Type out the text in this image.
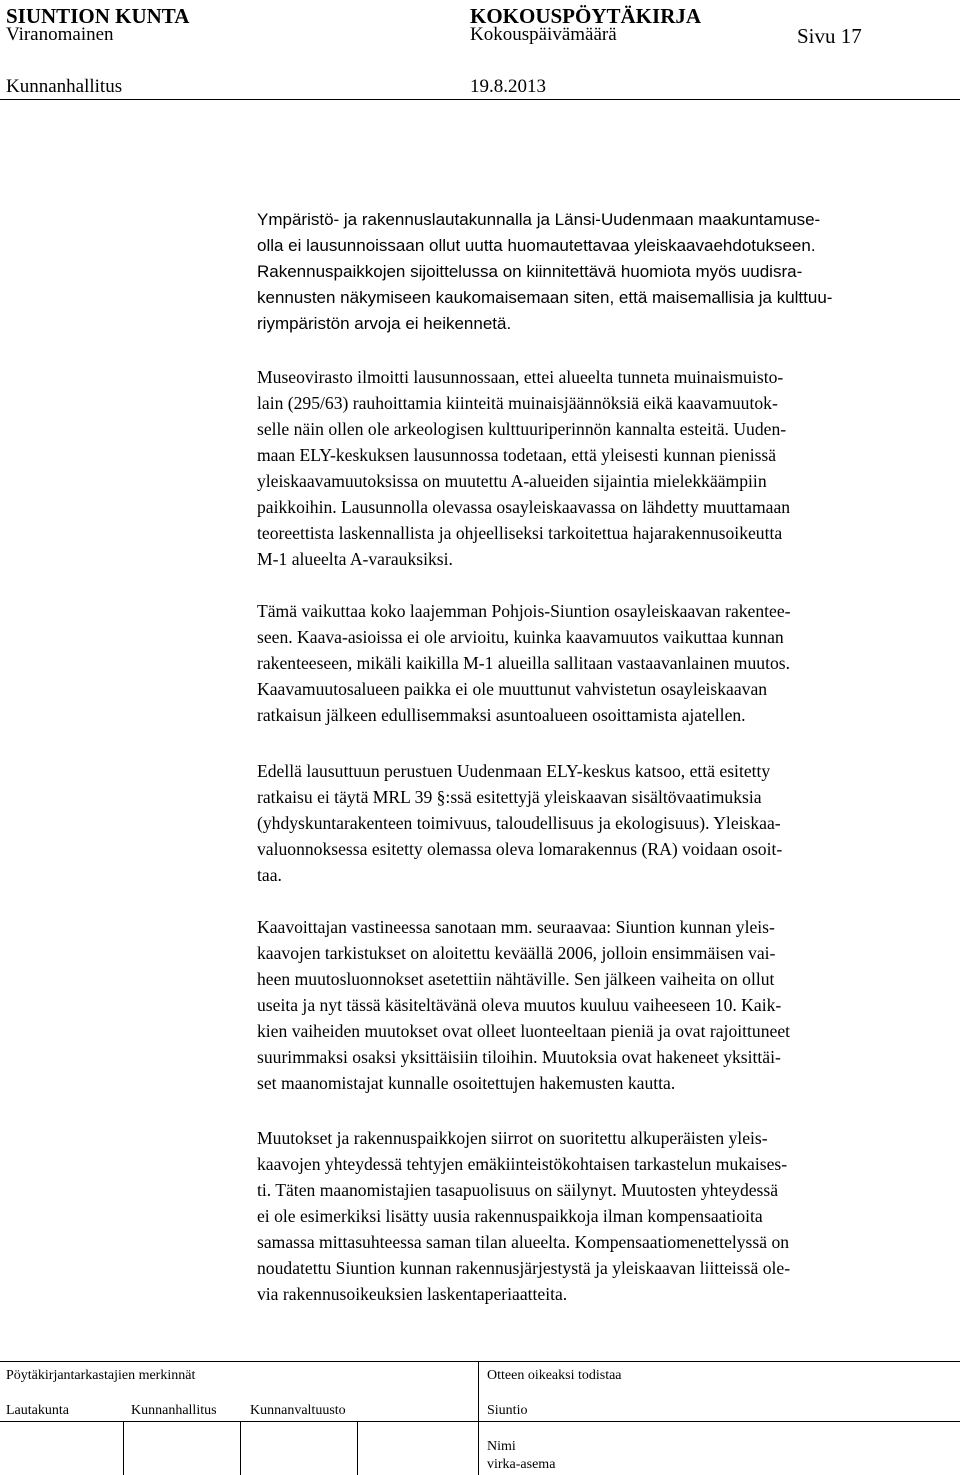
SIUNTION KUNTA	KOKOUSPÖYTÄKIRJA
Viranomainen	Kokouspäivämäärä	Sivu 17
Kunnanhallitus	19.8.2013
Ympäristö- ja rakennuslautakunnalla ja Länsi-Uudenmaan maakuntamuse-
olla ei lausunnoissaan ollut uutta huomautettavaa yleiskaavaehdotukseen.
Rakennuspaikkojen sijoittelussa on kiinnitettävä huomiota myös uudisra-
kennusten näkymiseen kaukomaisemaan siten, että maisemallisia ja kulttuu-
riympäristön arvoja ei heikennetä.
Museovirasto ilmoitti lausunnossaan, ettei alueelta tunneta muinaismuisto-
lain (295/63) rauhoittamia kiinteitä muinaisjäännöksiä eikä kaavamuutok-
selle näin ollen ole arkeologisen kulttuuriperinnön kannalta esteitä. Uuden-
maan ELY-keskuksen lausunnossa todetaan, että yleisesti kunnan pienissä
yleiskaavamuutoksissa on muutettu A-alueiden sijaintia mielekkäämpiin
paikkoihin. Lausunnolla olevassa osayleiskaavassa on lähdetty muuttamaan
teoreettista laskennallista ja ohjeelliseksi tarkoitettua hajarakennusoikeutta
M-1 alueelta A-varauksiksi.
Tämä vaikuttaa koko laajemman Pohjois-Siuntion osayleiskaavan rakentee-
seen. Kaava-asioissa ei ole arvioitu, kuinka kaavamuutos vaikuttaa kunnan
rakenteeseen, mikäli kaikilla M-1 alueilla sallitaan vastaavanlainen muutos.
Kaavamuutosalueen paikka ei ole muuttunut vahvistetun osayleiskaavan
ratkaisun jälkeen edullisemmaksi asuntoalueen osoittamista ajatellen.
Edellä lausuttuun perustuen Uudenmaan ELY-keskus katsoo, että esitetty
ratkaisu ei täytä MRL 39 §:ssä esitettyjä yleiskaavan sisältövaatimuksia
(yhdyskuntarakenteen toimivuus, taloudellisuus ja ekologisuus). Yleiskaa-
valuonnoksessa esitetty olemassa oleva lomarakennus (RA) voidaan osoit-
taa.
Kaavoittajan vastineessa sanotaan mm. seuraavaa: Siuntion kunnan yleis-
kaavojen tarkistukset on aloitettu keväällä 2006, jolloin ensimmäisen vai-
heen muutosluonnokset asetettiin nähtäville. Sen jälkeen vaiheita on ollut
useita ja nyt tässä käsiteltävänä oleva muutos kuuluu vaiheeseen 10. Kaik-
kien vaiheiden muutokset ovat olleet luonteeltaan pieniä ja ovat rajoittuneet
suurimmaksi osaksi yksittäisiin tiloihin. Muutoksia ovat hakeneet yksittäi-
set maanomistajat kunnalle osoitettujen hakemusten kautta.
Muutokset ja rakennuspaikkojen siirrot on suoritettu alkuperäisten yleis-
kaavojen yhteydessä tehtyjen emäkiinteistökohtaisen tarkastelun mukaises-
ti. Täten maanomistajien tasapuolisuus on säilynyt. Muutosten yhteydessä
ei ole esimerkiksi lisätty uusia rakennuspaikkoja ilman kompensaatioita
samassa mittasuhteessa saman tilan alueelta. Kompensaatiomenettelyssä on
noudatettu Siuntion kunnan rakennusjärjestystä ja yleiskaavan liitteissä ole-
via rakennusoikeuksien laskentaperiaatteita.
Pöytäkirjantarkastajien merkinnät	Otteen oikeaksi todistaa
Lautakunta	Kunnanhallitus Kunnanvaltuusto	Siuntio
Nimi
virka-asema
